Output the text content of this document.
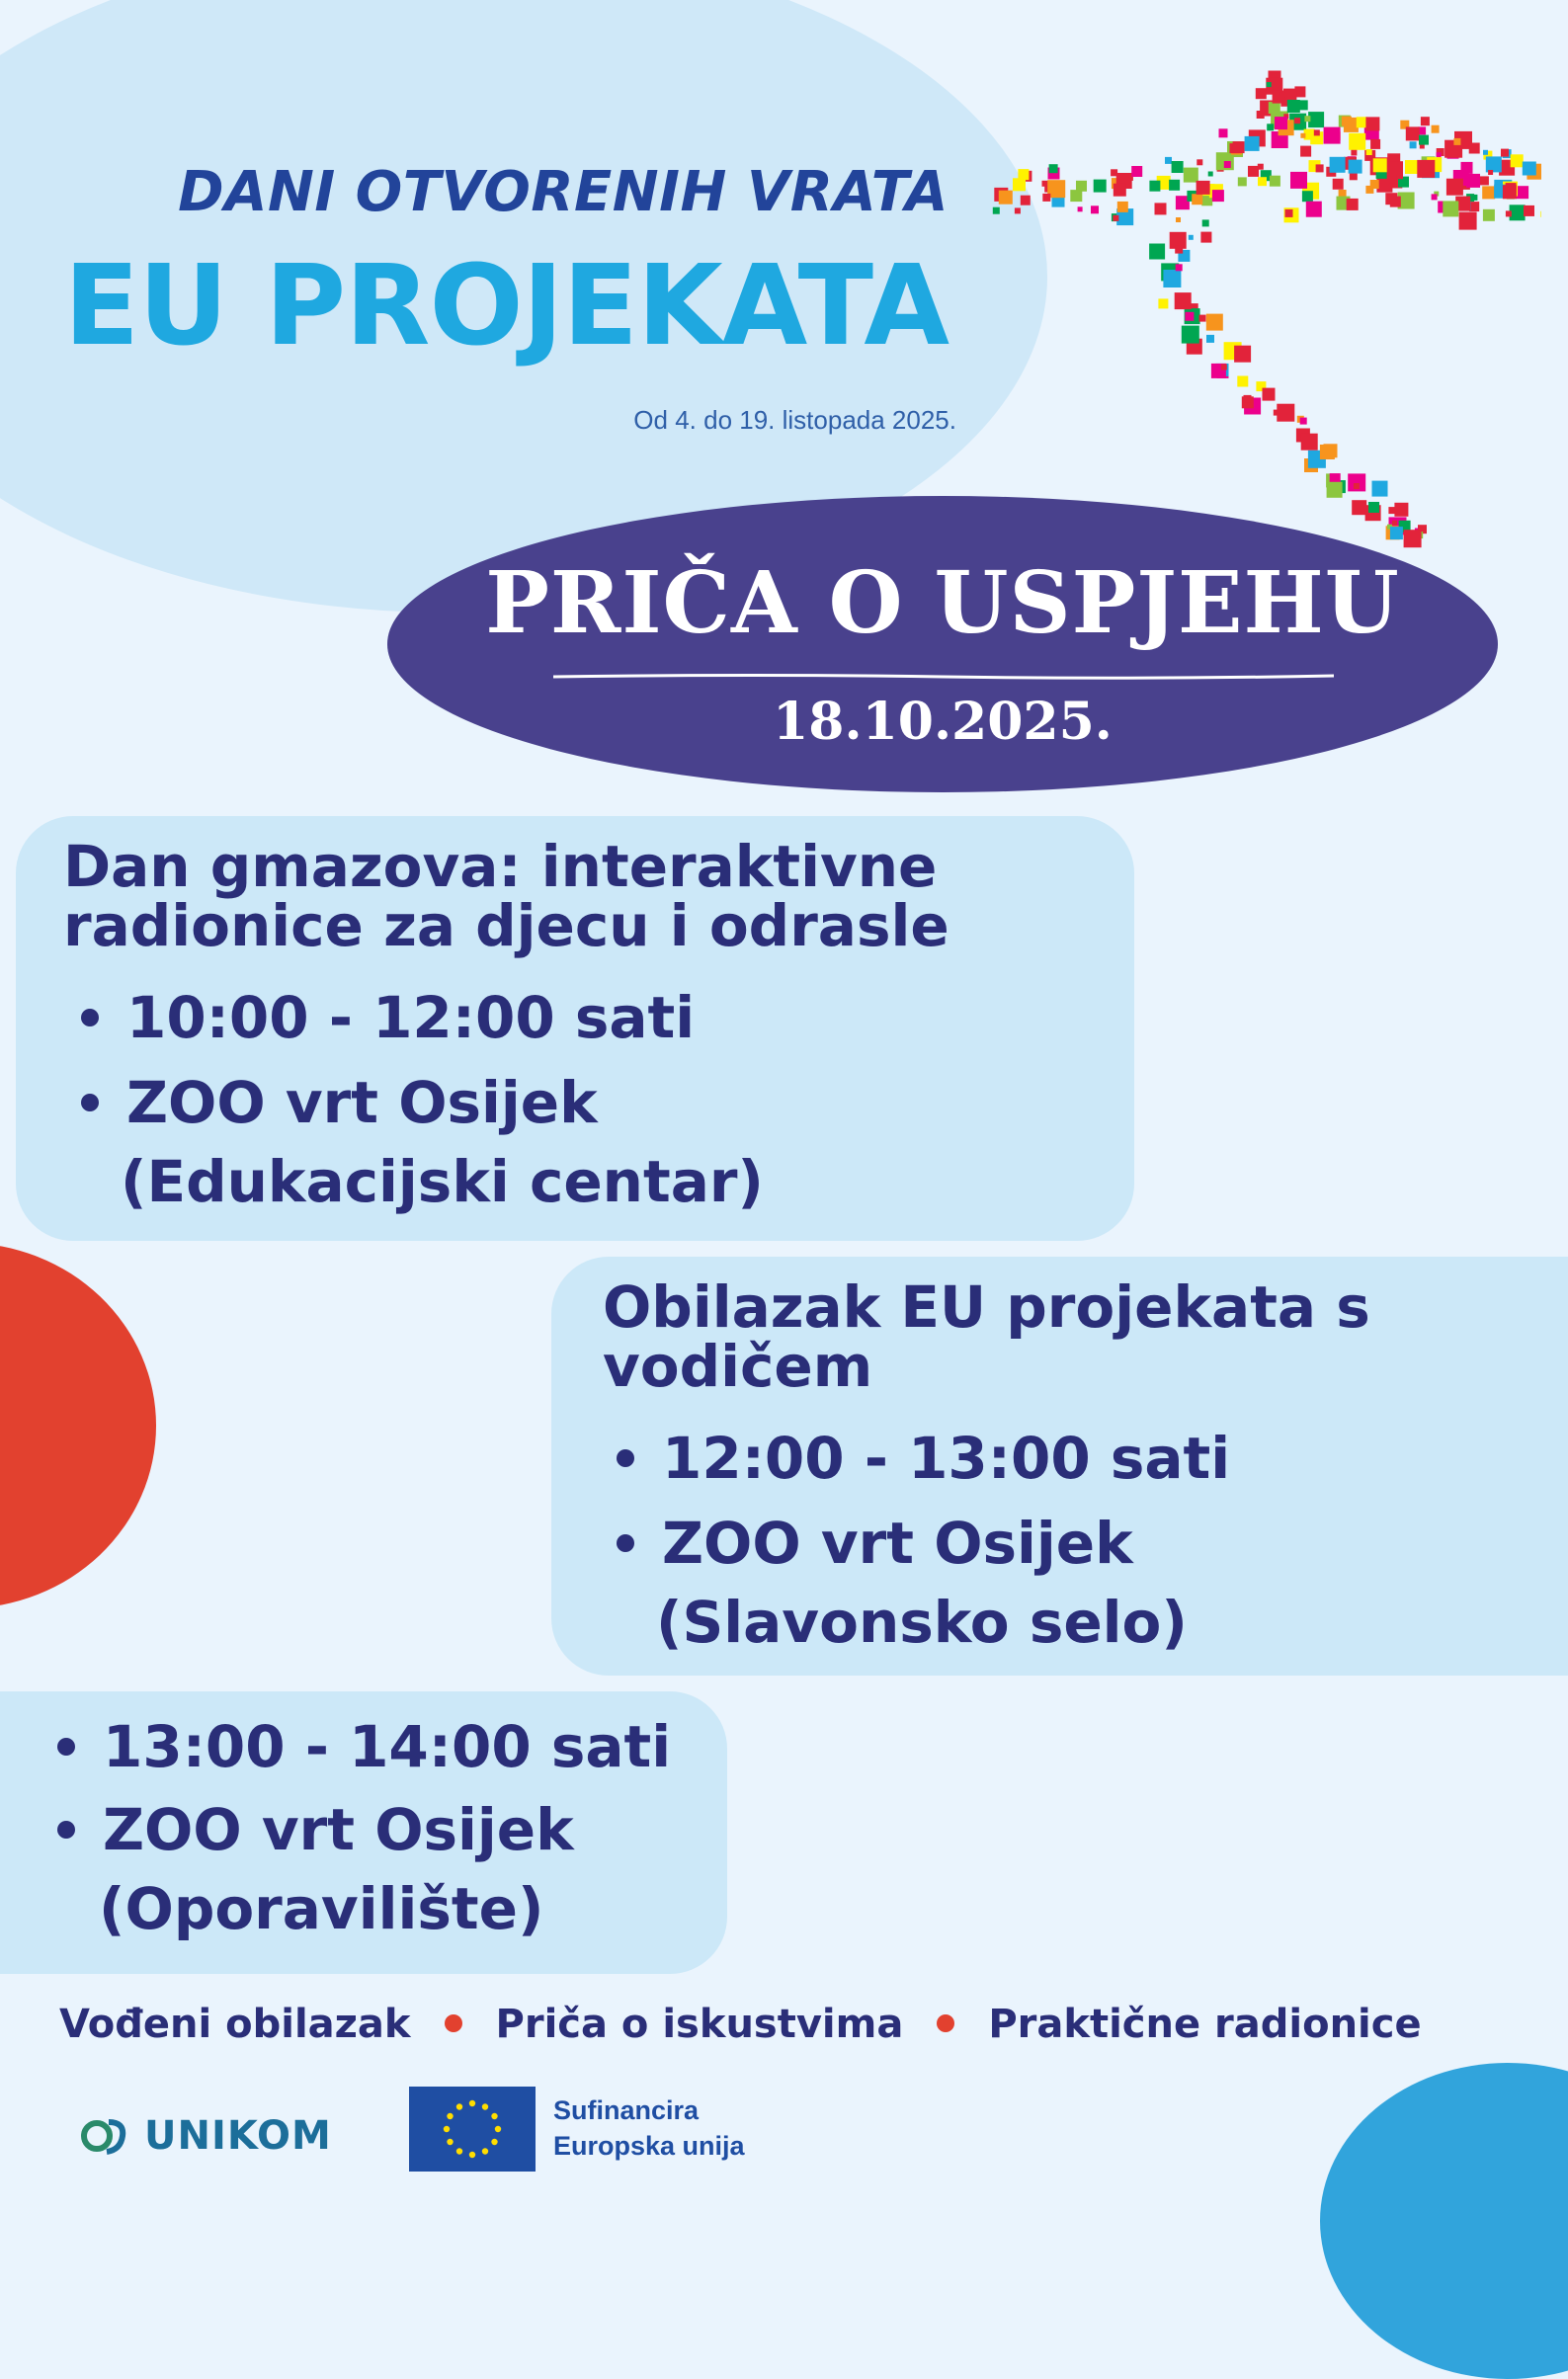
DANI OTVORENIH VRATA
EU PROJEKATA
Od 4. do 19. listopada 2025.
PRIČA O USPJEHU
18.10.2025.

Dan gmazova: interaktivne radionice za djecu i odrasle

10:00 - 12:00 sati

ZOO vrt Osijek

(Edukacijski centar)

Obilazak EU projekata s vodičem

12:00 - 13:00 sati

ZOO vrt Osijek

(Slavonsko selo)

13:00 - 14:00 sati

ZOO vrt Osijek

(Oporavilište)

Vođeni obilazak Priča o iskustvima Praktične radionice
UNIKOM
Sufinancira
Europska unija
